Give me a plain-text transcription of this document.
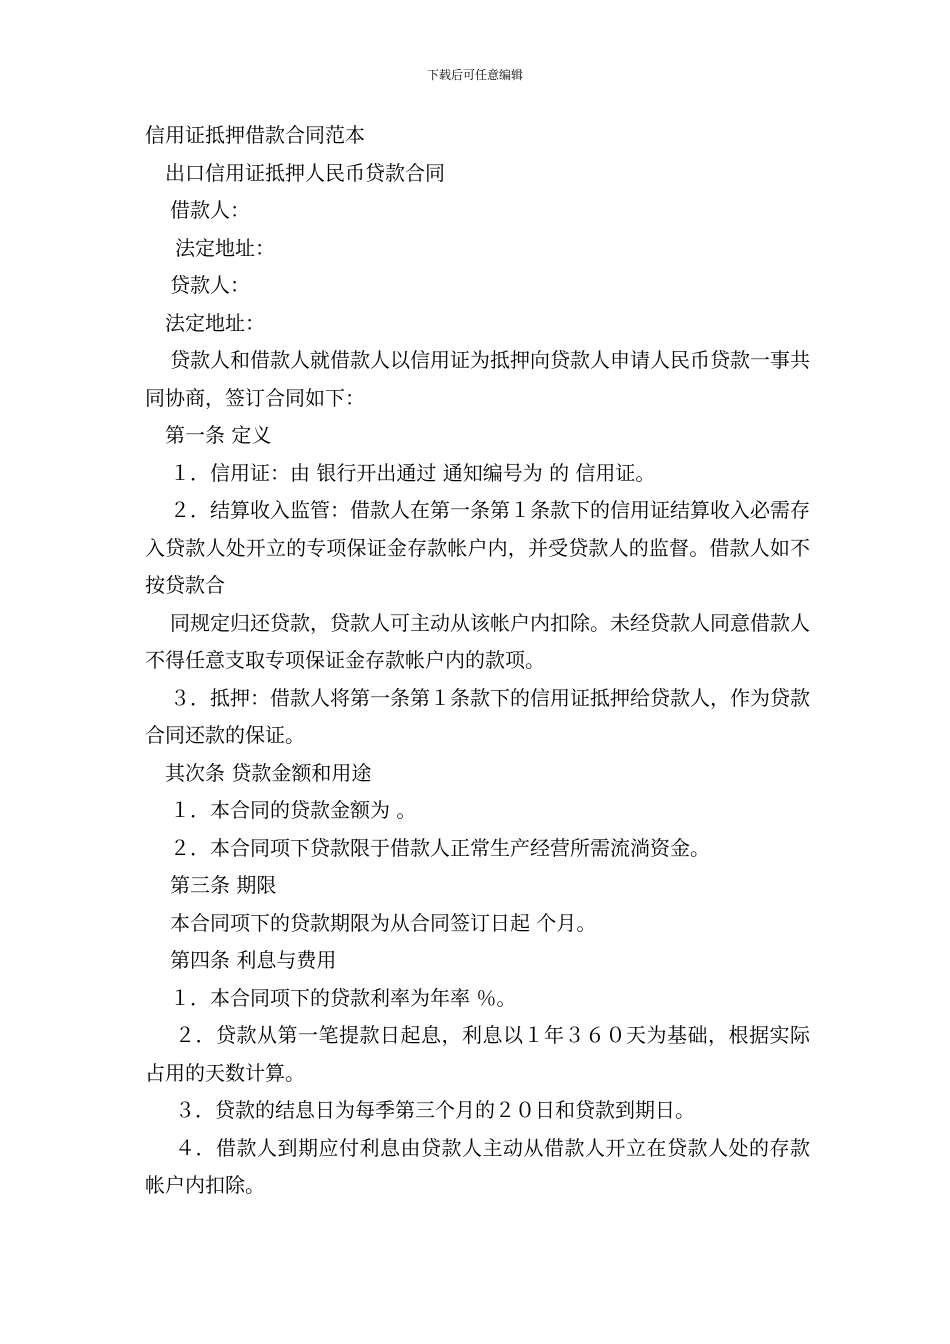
下载后可任意编辑
信用证抵押借款合同范本
出口信用证抵押人民币贷款合同
借款人：
法定地址：
贷款人：
法定地址：
贷款人和借款人就借款人以信用证为抵押向贷款人申请人民币贷款一事共同协商，签订合同如下：
第一条 定义
１．信用证：由 银行开出通过 通知编号为 的 信用证。
２．结算收入监管：借款人在第一条第１条款下的信用证结算收入必需存入贷款人处开立的专项保证金存款帐户内，并受贷款人的监督。借款人如不按贷款合
同规定归还贷款，贷款人可主动从该帐户内扣除。未经贷款人同意借款人不得任意支取专项保证金存款帐户内的款项。
３．抵押：借款人将第一条第１条款下的信用证抵押给贷款人，作为贷款合同还款的保证。
其次条 贷款金额和用途
１．本合同的贷款金额为 。
２．本合同项下贷款限于借款人正常生产经营所需流淌资金。
第三条 期限
本合同项下的贷款期限为从合同签订日起 个月。
第四条 利息与费用
１．本合同项下的贷款利率为年率 ％。
２．贷款从第一笔提款日起息，利息以１年３６０天为基础，根据实际占用的天数计算。
３．贷款的结息日为每季第三个月的２０日和贷款到期日。
４．借款人到期应付利息由贷款人主动从借款人开立在贷款人处的存款帐户内扣除。
